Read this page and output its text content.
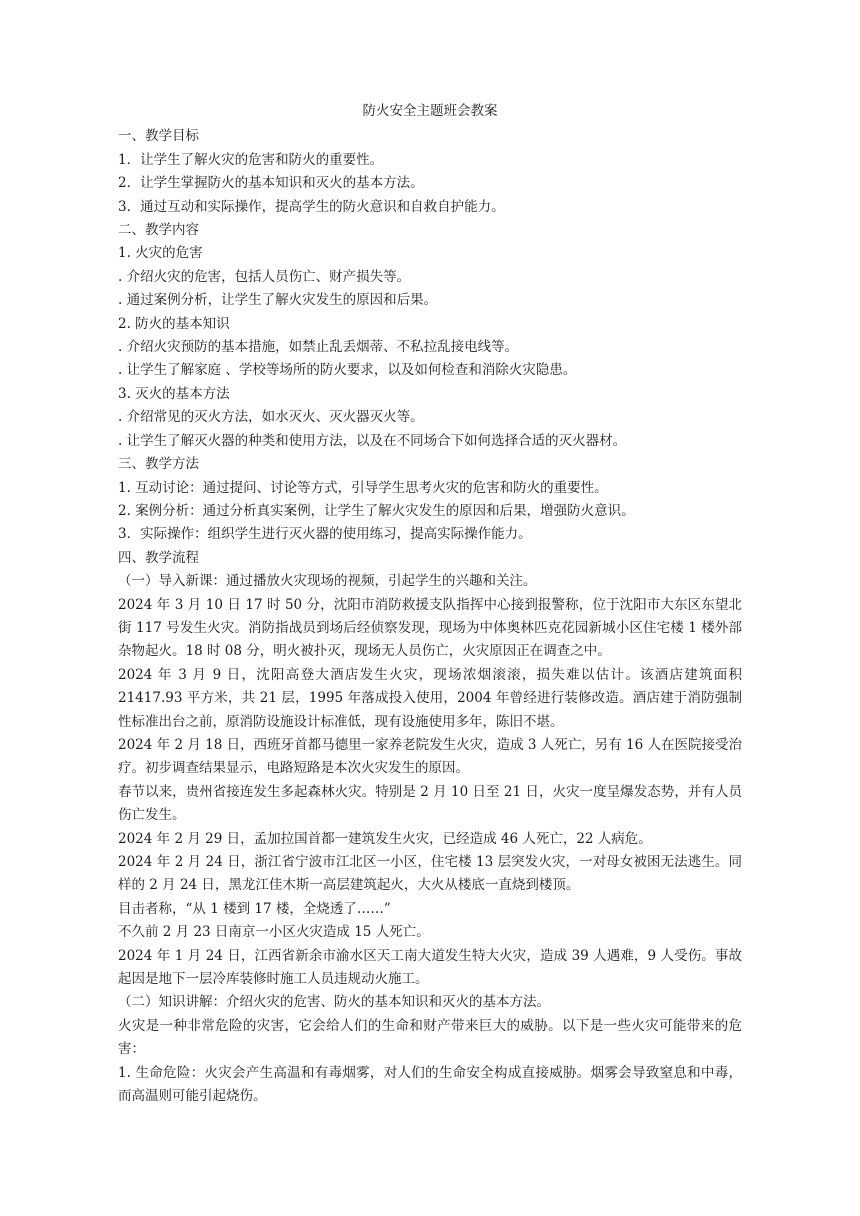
防火安全主题班会教案

一、教学目标

1．让学生了解火灾的危害和防火的重要性。

2．让学生掌握防火的基本知识和灭火的基本方法。

3．通过互动和实际操作，提高学生的防火意识和自救自护能力。

二、教学内容

1. 火灾的危害

. 介绍火灾的危害，包括人员伤亡、财产损失等。

. 通过案例分析，让学生了解火灾发生的原因和后果。

2. 防火的基本知识

. 介绍火灾预防的基本措施，如禁止乱丢烟蒂、不私拉乱接电线等。

. 让学生了解家庭 、学校等场所的防火要求，以及如何检查和消除火灾隐患。

3. 灭火的基本方法

. 介绍常见的灭火方法，如水灭火、灭火器灭火等。

. 让学生了解灭火器的种类和使用方法，以及在不同场合下如何选择合适的灭火器材。

三、教学方法

1. 互动讨论：通过提问、讨论等方式，引导学生思考火灾的危害和防火的重要性。

2. 案例分析：通过分析真实案例，让学生了解火灾发生的原因和后果，增强防火意识。

3．实际操作：组织学生进行灭火器的使用练习，提高实际操作能力。

四、教学流程

（一）导入新课：通过播放火灾现场的视频，引起学生的兴趣和关注。

2024 年 3 月 10 日 17 时 50 分，沈阳市消防救援支队指挥中心接到报警称，位于沈阳市大东区东望北街 117 号发生火灾。消防指战员到场后经侦察发现，现场为中体奥林匹克花园新城小区住宅楼 1 楼外部杂物起火。18 时 08 分，明火被扑灭，现场无人员伤亡，火灾原因正在调查之中。

2024 年 3 月 9 日，沈阳高登大酒店发生火灾，现场浓烟滚滚，损失难以估计。该酒店建筑面积 21417.93 平方米，共 21 层，1995 年落成投入使用，2004 年曾经进行装修改造。酒店建于消防强制性标准出台之前，原消防设施设计标准低，现有设施使用多年，陈旧不堪。

2024 年 2 月 18 日，西班牙首都马德里一家养老院发生火灾，造成 3 人死亡，另有 16 人在医院接受治疗。初步调查结果显示，电路短路是本次火灾发生的原因。

春节以来，贵州省接连发生多起森林火灾。特别是 2 月 10 日至 21 日，火灾一度呈爆发态势，并有人员伤亡发生。

2024 年 2 月 29 日，孟加拉国首都一建筑发生火灾，已经造成 46 人死亡，22 人病危。

2024 年 2 月 24 日，浙江省宁波市江北区一小区，住宅楼 13 层突发火灾，一对母女被困无法逃生。同样的 2 月 24 日，黑龙江佳木斯一高层建筑起火，大火从楼底一直烧到楼顶。

目击者称，“从 1 楼到 17 楼，全烧透了……”

不久前 2 月 23 日南京一小区火灾造成 15 人死亡。

2024 年 1 月 24 日，江西省新余市渝水区天工南大道发生特大火灾，造成 39 人遇难，9 人受伤。事故起因是地下一层冷库装修时施工人员违规动火施工。

（二）知识讲解：介绍火灾的危害、防火的基本知识和灭火的基本方法。

火灾是一种非常危险的灾害，它会给人们的生命和财产带来巨大的威胁。以下是一些火灾可能带来的危害：

1. 生命危险：火灾会产生高温和有毒烟雾，对人们的生命安全构成直接威胁。烟雾会导致窒息和中毒，而高温则可能引起烧伤。
